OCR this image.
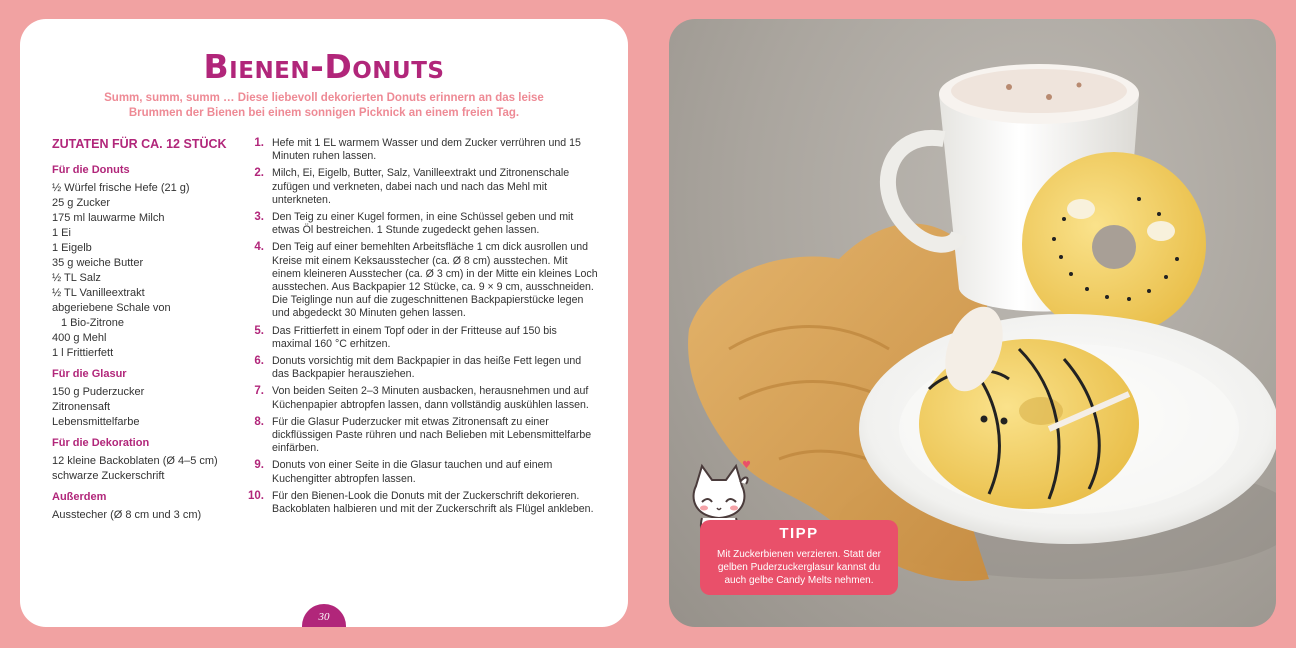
Bienen-Donuts

Summ, summ, summ … Diese liebevoll dekorierten Donuts erinnern an das leise Brummen der Bienen bei einem sonnigen Picknick an einem freien Tag.

ZUTATEN FÜR CA. 12 STÜCK
Für die Donuts
½ Würfel frische Hefe (21 g)
25 g Zucker
175 ml lauwarme Milch
1 Ei
1 Eigelb
35 g weiche Butter
½ TL Salz
½ TL Vanilleextrakt
abgeriebene Schale von
1 Bio-Zitrone
400 g Mehl
1 l Frittierfett
Für die Glasur
150 g Puderzucker
Zitronensaft
Lebensmittelfarbe
Für die Dekoration
12 kleine Backoblaten (Ø 4–5 cm)
schwarze Zuckerschrift
Außerdem
Ausstecher (Ø 8 cm und 3 cm)
1. Hefe mit 1 EL warmem Wasser und dem Zucker verrühren und 15 Minuten ruhen lassen.
2. Milch, Ei, Eigelb, Butter, Salz, Vanilleextrakt und Zitronenschale zufügen und verkneten, dabei nach und nach das Mehl mit unterkneten.
3. Den Teig zu einer Kugel formen, in eine Schüssel geben und mit etwas Öl bestreichen. 1 Stunde zugedeckt gehen lassen.
4. Den Teig auf einer bemehlten Arbeitsfläche 1 cm dick ausrollen und Kreise mit einem Keksausstecher (ca. Ø 8 cm) ausstechen. Mit einem kleineren Ausstecher (ca. Ø 3 cm) in der Mitte ein kleines Loch ausstechen. Aus Backpapier 12 Stücke, ca. 9 × 9 cm, ausschneiden. Die Teiglinge nun auf die zugeschnittenen Backpapierstücke legen und abgedeckt 30 Minuten gehen lassen.
5. Das Frittierfett in einem Topf oder in der Fritteuse auf 150 bis maximal 160 °C erhitzen.
6. Donuts vorsichtig mit dem Backpapier in das heiße Fett legen und das Backpapier herausziehen.
7. Von beiden Seiten 2–3 Minuten ausbacken, herausnehmen und auf Küchenpapier abtropfen lassen, dann vollständig auskühlen lassen.
8. Für die Glasur Puderzucker mit etwas Zitronensaft zu einer dickflüssigen Paste rühren und nach Belieben mit Lebensmittelfarbe einfärben.
9. Donuts von einer Seite in die Glasur tauchen und auf einem Kuchengitter abtropfen lassen.
10. Für den Bienen-Look die Donuts mit der Zuckerschrift dekorieren. Backoblaten halbieren und mit der Zuckerschrift als Flügel ankleben.
30
♥
TIPP

Mit Zuckerbienen verzieren. Statt der gelben Puderzuckerglasur kannst du auch gelbe Candy Melts nehmen.
